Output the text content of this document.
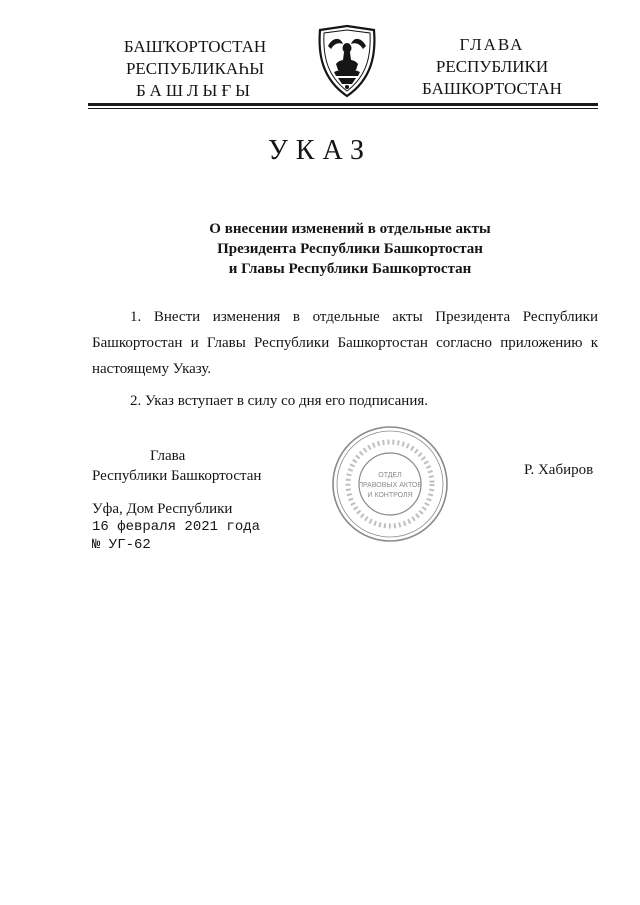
БАШҠОРТОСТАН
РЕСПУБЛИКАҺЫ
БАШЛЫҒЫ
ГЛАВА
РЕСПУБЛИКИ
БАШКОРТОСТАН
УКАЗ
О внесении изменений в отдельные акты
Президента Республики Башкортостан
и Главы Республики Башкортостан

1. Внести изменения в отдельные акты Президента Республики Башкортостан и Главы Республики Башкортостан согласно приложению к настоящему Указу.

2. Указ вступает в силу со дня его подписания.

ОТДЕЛ
ПРАВОВЫХ АКТОВ
И КОНТРОЛЯ
Глава
Республики Башкортостан	Р. Хабиров
Уфа, Дом Республики
16 февраля 2021 года
№ УГ-62
